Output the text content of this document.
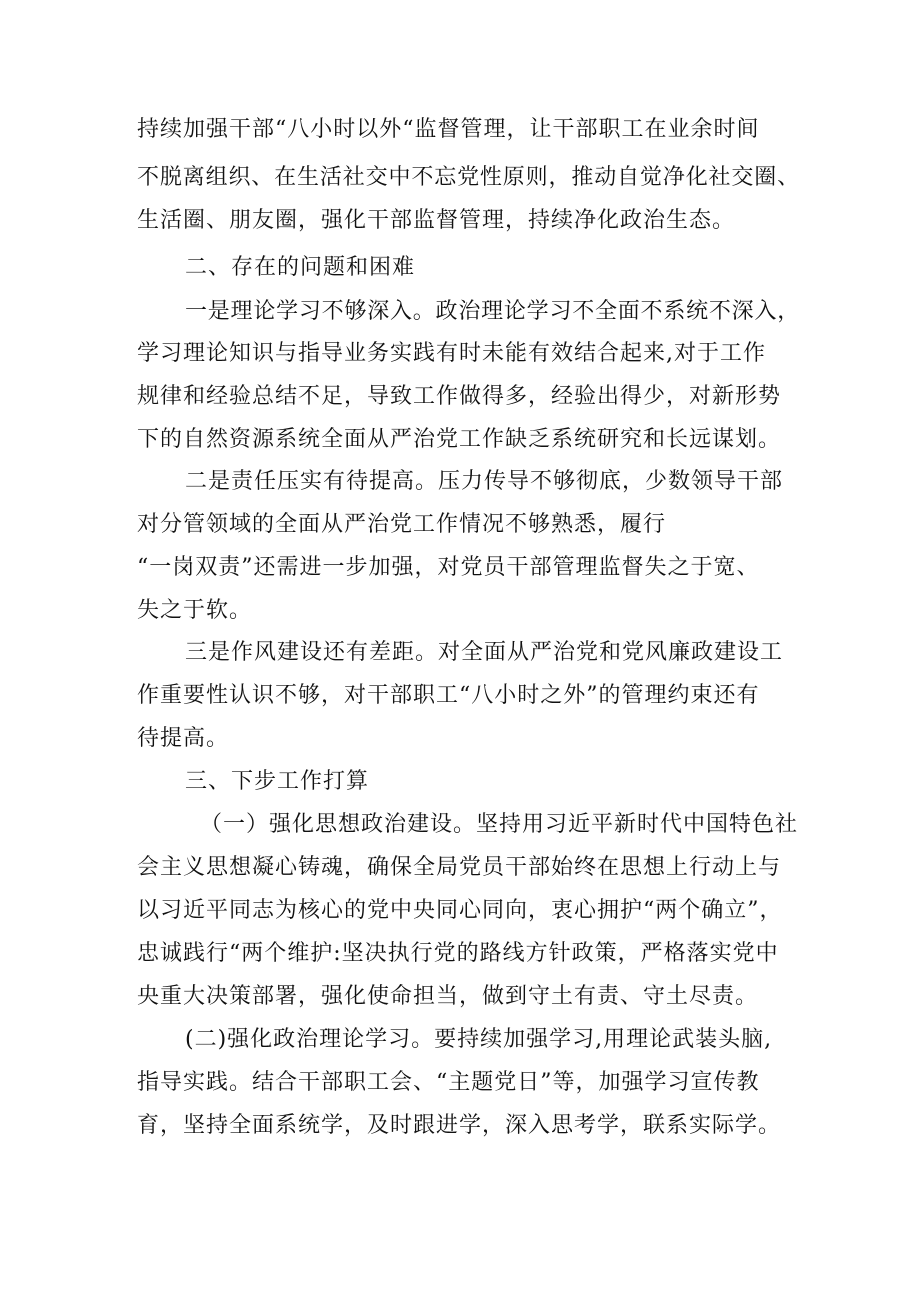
持续加强干部“八小时以外“监督管理，让干部职工在业余时间
不脱离组织、在生活社交中不忘党性原则，推动自觉净化社交圈、
生活圈、朋友圈，强化干部监督管理，持续净化政治生态。
二、存在的问题和困难
一是理论学习不够深入。政治理论学习不全面不系统不深入，
学习理论知识与指导业务实践有时未能有效结合起来,对于工作
规律和经验总结不足，导致工作做得多，经验出得少，对新形势
下的自然资源系统全面从严治党工作缺乏系统研究和长远谋划。
二是责任压实有待提高。压力传导不够彻底，少数领导干部
对分管领域的全面从严治党工作情况不够熟悉，履行
“一岗双责”还需进一步加强，对党员干部管理监督失之于宽、
失之于软。
三是作风建设还有差距。对全面从严治党和党风廉政建设工
作重要性认识不够，对干部职工“八小时之外”的管理约束还有
待提高。
三、下步工作打算
（一）强化思想政治建设。坚持用习近平新时代中国特色社
会主义思想凝心铸魂，确保全局党员干部始终在思想上行动上与
以习近平同志为核心的党中央同心同向，衷心拥护“两个确立”，
忠诚践行“两个维护:坚决执行党的路线方针政策，严格落实党中
央重大决策部署，强化使命担当，做到守土有责、守土尽责。
(二)强化政治理论学习。要持续加强学习,用理论武装头脑,
指导实践。结合干部职工会、“主题党日”等，加强学习宣传教
育，坚持全面系统学，及时跟进学，深入思考学，联系实际学。
